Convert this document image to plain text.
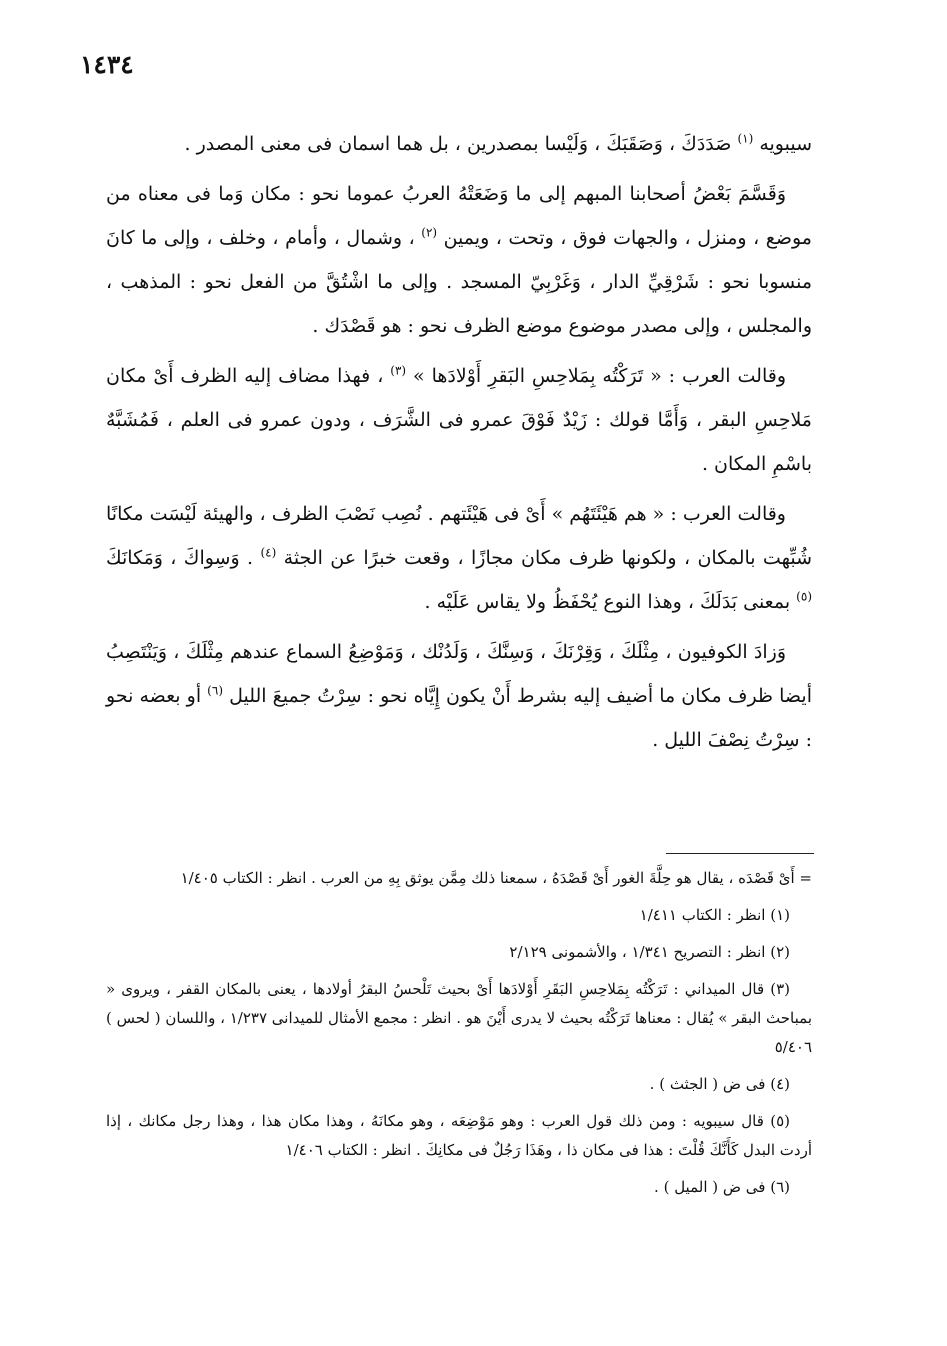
١٤٣٤

سيبويه $^{(١)}$ صَدَدَكَ ، وَصَقَبَكَ ، وَلَيْسا بمصدرين ، بل هما اسمان فى معنى المصدر .

وَقَسَّمَ بَعْضُ أصحابنا المبهم إلى ما وَضَعَتْهُ العربُ عموما نحو : مكان وَما فى معناه من موضع ، ومنزل ، والجهات فوق ، وتحت ، ويمين $^{(٢)}$ ، وشمال ، وأمام ، وخلف ، وإلى ما كانَ منسوبا نحو : شَرْقِيِّ الدار ، وَغَرْبِيّ المسجد . وإلى ما اشْتُقَّ من الفعل نحو : المذهب ، والمجلس ، وإلى مصدر موضوع موضع الظرف نحو : هو قَصْدَك .

وقالت العرب : « تَرَكْتُه بِمَلاحِسِ البَقرِ أَوْلادَها » $^{(٣)}$ ، فهذا مضاف إليه الظرف أَىْ مكان مَلاحِسِ البقر ، وَأَمَّا قولك : زَيْدٌ فَوْقَ عمرو فى الشَّرَف ، ودون عمرو فى العلم ، فَمُشَبَّهٌ باسْمِ المكان .

وقالت العرب : « هم هَيْئَتَهُم » أَىْ فى هَيْئَتهم . نُصِب نَصْبَ الظرف ، والهيئة لَيْسَت مكانًا شُبِّهت بالمكان ، ولكونها ظرف مكان مجازًا ، وقعت خبرًا عن الجثة $^{(٤)}$ . وَسِواكَ ، وَمَكانَكَ $^{(٥)}$ بمعنى بَدَلَكَ ، وهذا النوع يُحْفَظُ ولا يقاس عَلَيْه .

وَزادَ الكوفيون ، مِثْلَكَ ، وَقِرْنَكَ ، وَسِنَّكَ ، وَلَدُنْك ، وَمَوْضِعُ السماع عندهم مِثْلَكَ ، وَيَنْتَصِبُ أيضا ظرف مكان ما أضيف إليه بشرط أَنْ يكون إِيَّاه نحو : سِرْتُ جميعَ الليل $^{(٦)}$ أو بعضه نحو : سِرْتُ نِصْفَ الليل .

= أَىْ قَصْدَه ، يقال هو حِلَّةَ الغور أَىْ قَصْدَهُ ، سمعنا ذلك مِمَّن يوثق بِهِ من العرب . انظر : الكتاب ١/٤٠٥

(١) انظر : الكتاب ١/٤١١

(٢) انظر : التصريح ١/٣٤١ ، والأشمونى ٢/١٢٩

(٣) قال الميداني : تَرَكْتُه بِمَلاحِسِ البَقَرِ أَوْلادَها أَىْ بحيث تَلْحسُ البقرُ أولادها ، يعنى بالمكان القفر ، ويروى « بمباحث البقر » يُقال : معناها تَرَكْتُه بحيث لا يدرى أَيْنَ هو . انظر : مجمع الأمثال للميدانى ١/٢٣٧ ، واللسان ( لحس ) ٥/٤٠٦

(٤) فى ض ( الجثث ) .

(٥) قال سيبويه : ومن ذلك قول العرب : وهو مَوْضِعَه ، وهو مكانَهُ ، وهذا مكان هذا ، وهذا رجل مكانك ، إذا أردت البدل كَأَنَّكَ قُلْتَ : هذا فى مكان ذا ، وهَذَا رَجُلٌ فى مكانِكَ . انظر : الكتاب ١/٤٠٦

(٦) فى ض ( الميل ) .
